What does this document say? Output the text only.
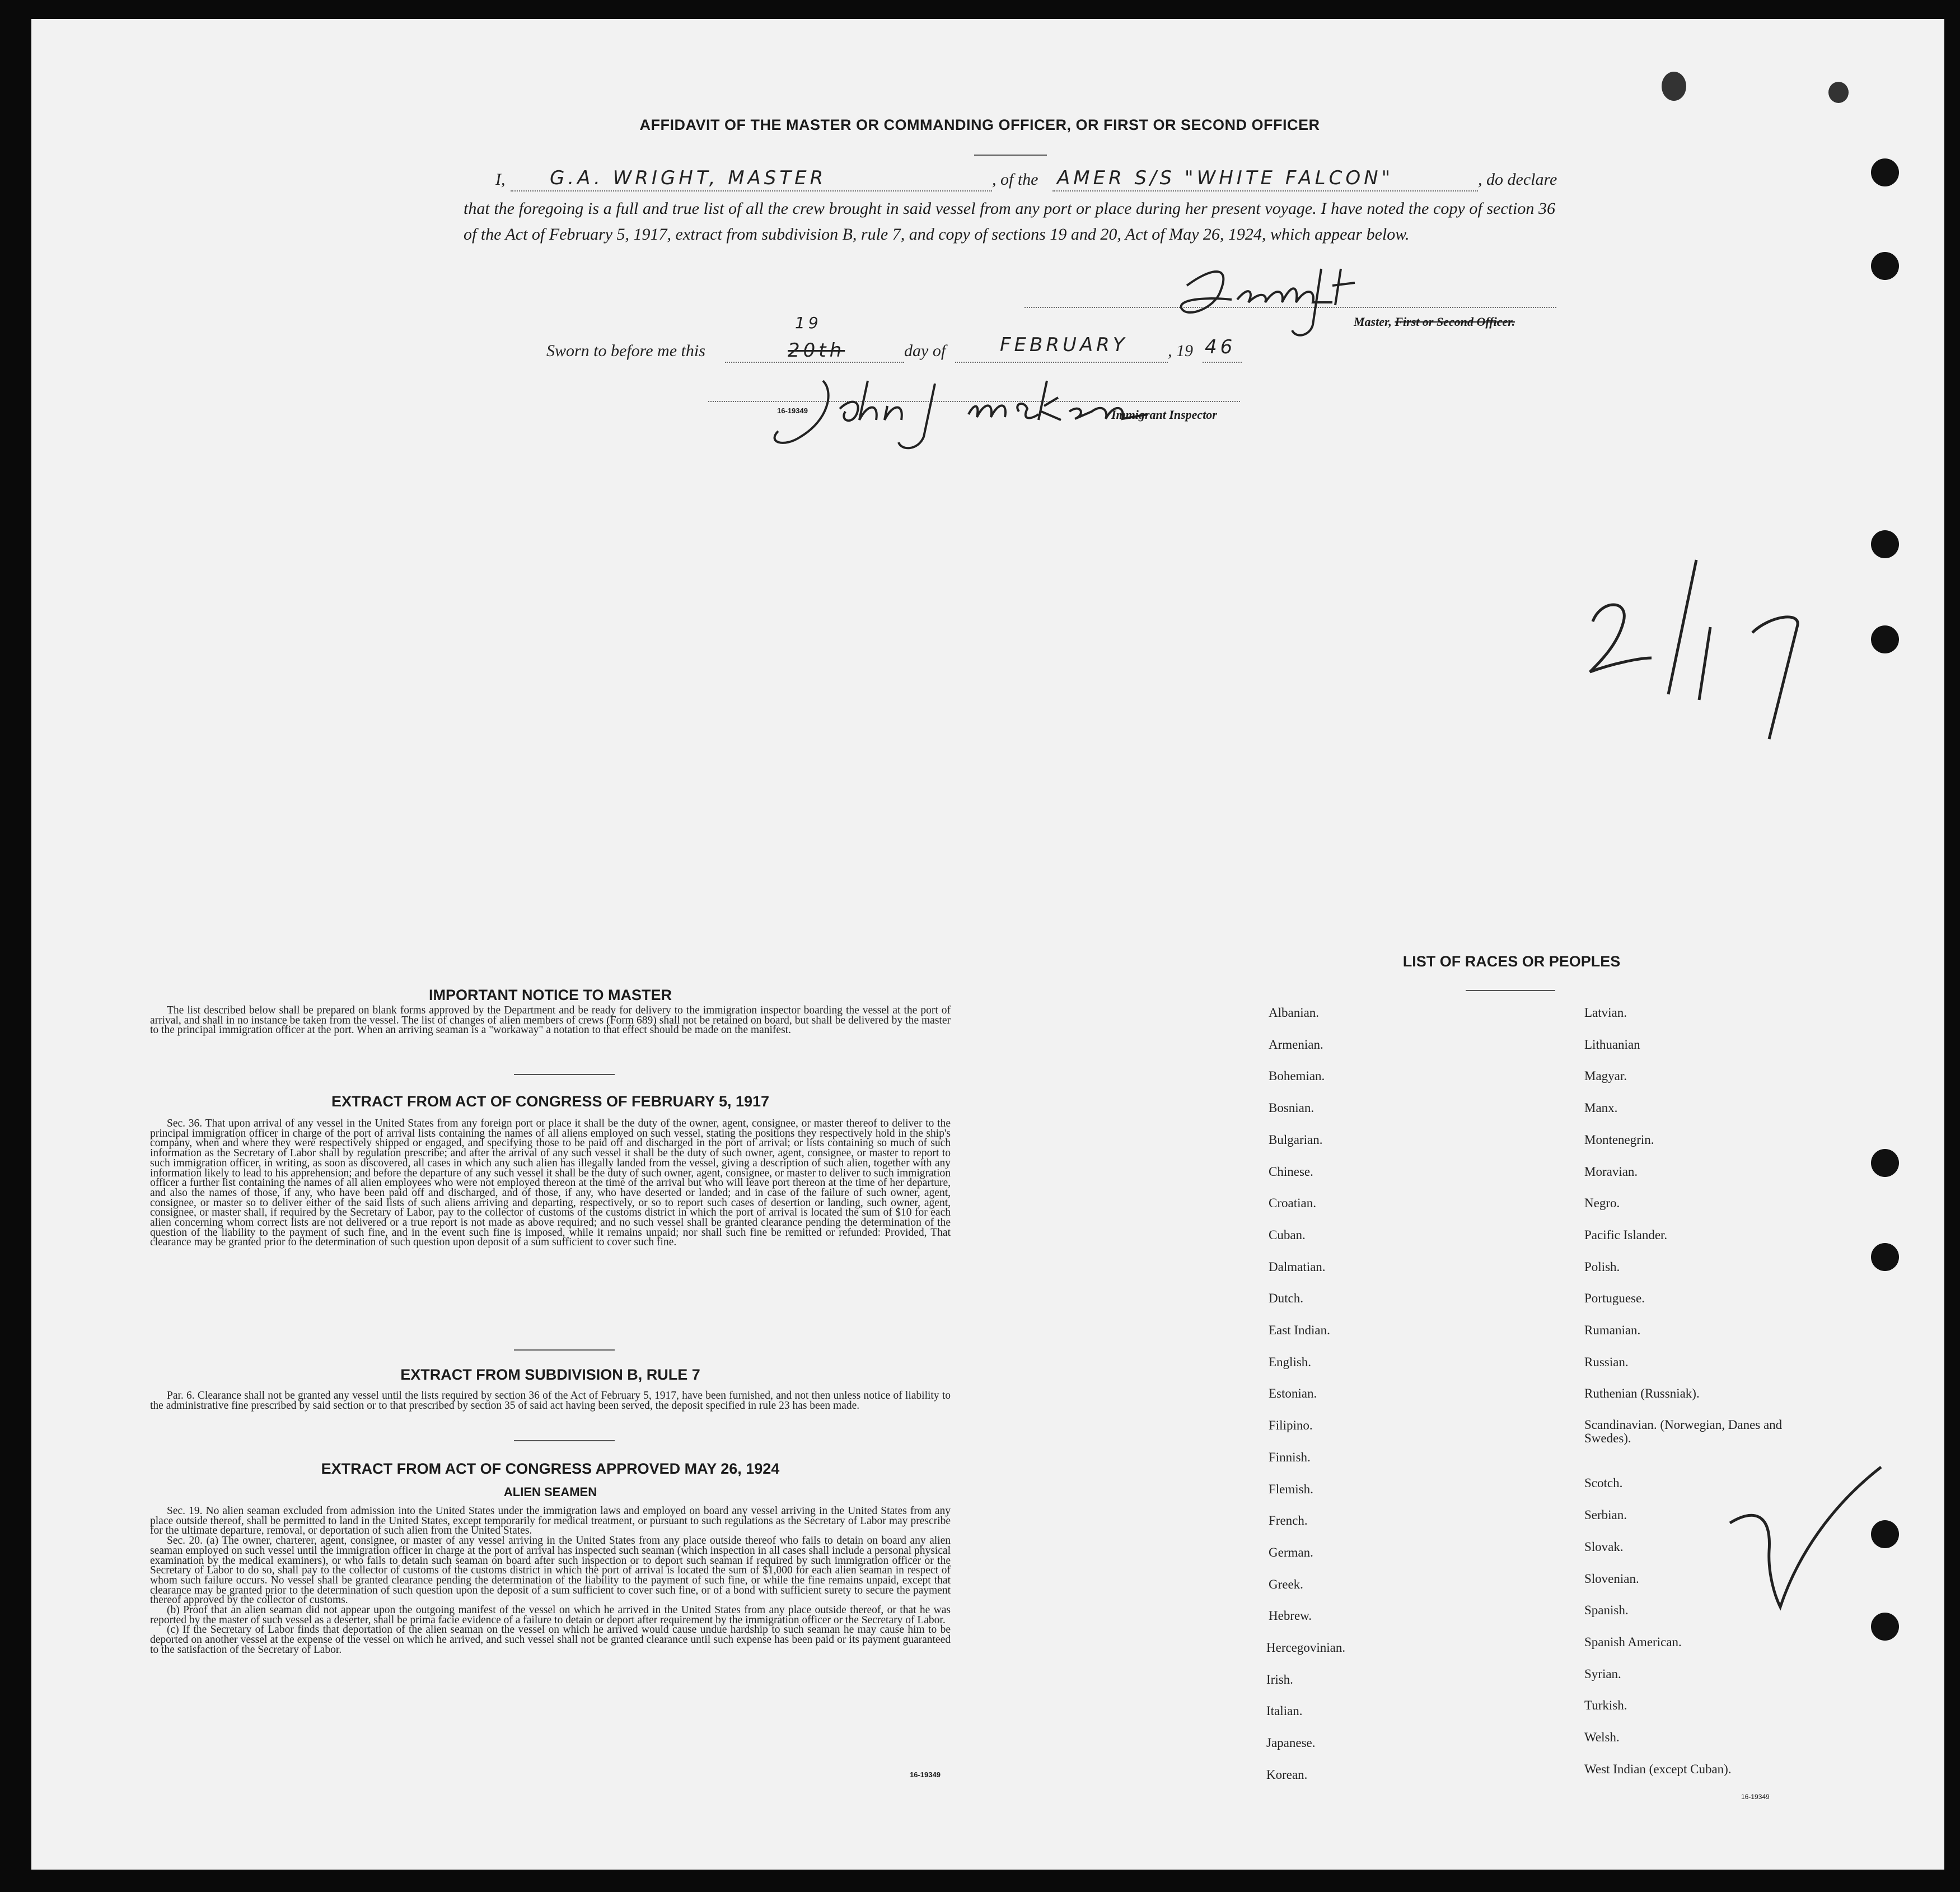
AFFIDAVIT OF THE MASTER OR COMMANDING OFFICER, OR FIRST OR SECOND OFFICER
I, G.A. WRIGHT, MASTER	, of the AMER S/S "WHITE FALCON"	, do declare
that the foregoing is a full and true list of all the crew brought in said vessel from any port or place during her present voyage. I have noted the copy of section 36 of the Act of February 5, 1917, extract from subdivision B, rule 7, and copy of sections 19 and 20, Act of May 26, 1924, which appear below.
Master, First or Second Officer.
Sworn to before me this
19
20th	day of	FEBRUARY , 19 46
16-19349	Immigrant Inspector
IMPORTANT NOTICE TO MASTER

The list described below shall be prepared on blank forms approved by the Department and be ready for delivery to the immigration inspector boarding the vessel at the port of arrival, and shall in no instance be taken from the vessel. The list of changes of alien members of crews (Form 689) shall not be retained on board, but shall be delivered by the master to the principal immigration officer at the port. When an arriving seaman is a "workaway" a notation to that effect should be made on the manifest.

EXTRACT FROM ACT OF CONGRESS OF FEBRUARY 5, 1917

Sec. 36. That upon arrival of any vessel in the United States from any foreign port or place it shall be the duty of the owner, agent, consignee, or master thereof to deliver to the principal immigration officer in charge of the port of arrival lists containing the names of all aliens employed on such vessel, stating the positions they respectively hold in the ship's company, when and where they were respectively shipped or engaged, and specifying those to be paid off and discharged in the port of arrival; or lists containing so much of such information as the Secretary of Labor shall by regulation prescribe; and after the arrival of any such vessel it shall be the duty of such owner, agent, consignee, or master to report to such immigration officer, in writing, as soon as discovered, all cases in which any such alien has illegally landed from the vessel, giving a description of such alien, together with any information likely to lead to his apprehension; and before the departure of any such vessel it shall be the duty of such owner, agent, consignee, or master to deliver to such immigration officer a further list containing the names of all alien employees who were not employed thereon at the time of the arrival but who will leave port thereon at the time of her departure, and also the names of those, if any, who have been paid off and discharged, and of those, if any, who have deserted or landed; and in case of the failure of such owner, agent, consignee, or master so to deliver either of the said lists of such aliens arriving and departing, respectively, or so to report such cases of desertion or landing, such owner, agent, consignee, or master shall, if required by the Secretary of Labor, pay to the collector of customs of the customs district in which the port of arrival is located the sum of $10 for each alien concerning whom correct lists are not delivered or a true report is not made as above required; and no such vessel shall be granted clearance pending the determination of the question of the liability to the payment of such fine, and in the event such fine is imposed, while it remains unpaid; nor shall such fine be remitted or refunded: Provided, That clearance may be granted prior to the determination of such question upon deposit of a sum sufficient to cover such fine.

EXTRACT FROM SUBDIVISION B, RULE 7

Par. 6. Clearance shall not be granted any vessel until the lists required by section 36 of the Act of February 5, 1917, have been furnished, and not then unless notice of liability to the administrative fine prescribed by said section or to that prescribed by section 35 of said act having been served, the deposit specified in rule 23 has been made.

EXTRACT FROM ACT OF CONGRESS APPROVED MAY 26, 1924
ALIEN SEAMEN

Sec. 19. No alien seaman excluded from admission into the United States under the immigration laws and employed on board any vessel arriving in the United States from any place outside thereof, shall be permitted to land in the United States, except temporarily for medical treatment, or pursuant to such regulations as the Secretary of Labor may prescribe for the ultimate departure, removal, or deportation of such alien from the United States.

Sec. 20. (a) The owner, charterer, agent, consignee, or master of any vessel arriving in the United States from any place outside thereof who fails to detain on board any alien seaman employed on such vessel until the immigration officer in charge at the port of arrival has inspected such seaman (which inspection in all cases shall include a personal physical examination by the medical examiners), or who fails to detain such seaman on board after such inspection or to deport such seaman if required by such immigration officer or the Secretary of Labor to do so, shall pay to the collector of customs of the customs district in which the port of arrival is located the sum of $1,000 for each alien seaman in respect of whom such failure occurs. No vessel shall be granted clearance pending the determination of the liability to the payment of such fine, or while the fine remains unpaid, except that clearance may be granted prior to the determination of such question upon the deposit of a sum sufficient to cover such fine, or of a bond with sufficient surety to secure the payment thereof approved by the collector of customs.

(b) Proof that an alien seaman did not appear upon the outgoing manifest of the vessel on which he arrived in the United States from any place outside thereof, or that he was reported by the master of such vessel as a deserter, shall be prima facie evidence of a failure to detain or deport after requirement by the immigration officer or the Secretary of Labor.

(c) If the Secretary of Labor finds that deportation of the alien seaman on the vessel on which he arrived would cause undue hardship to such seaman he may cause him to be deported on another vessel at the expense of the vessel on which he arrived, and such vessel shall not be granted clearance until such expense has been paid or its payment guaranteed to the satisfaction of the Secretary of Labor.

16-19349
LIST OF RACES OR PEOPLES
Albanian.
Armenian.
Bohemian.
Bosnian.
Bulgarian.
Chinese.
Croatian.
Cuban.
Dalmatian.
Dutch.
East Indian.
English.
Estonian.
Filipino.
Finnish.
Flemish.
French.
German.
Greek.
Hebrew.
Hercegovinian.
Irish.
Italian.
Japanese.
Korean.
Latvian.
Lithuanian
Magyar.
Manx.
Montenegrin.
Moravian.
Negro.
Pacific Islander.
Polish.
Portuguese.
Rumanian.
Russian.
Ruthenian (Russniak).
Scandinavian. (Norwegian, Danes and Swedes).
Scotch.
Serbian.
Slovak.
Slovenian.
Spanish.
Spanish American.
Syrian.
Turkish.
Welsh.
West Indian (except Cuban).
16-19349
